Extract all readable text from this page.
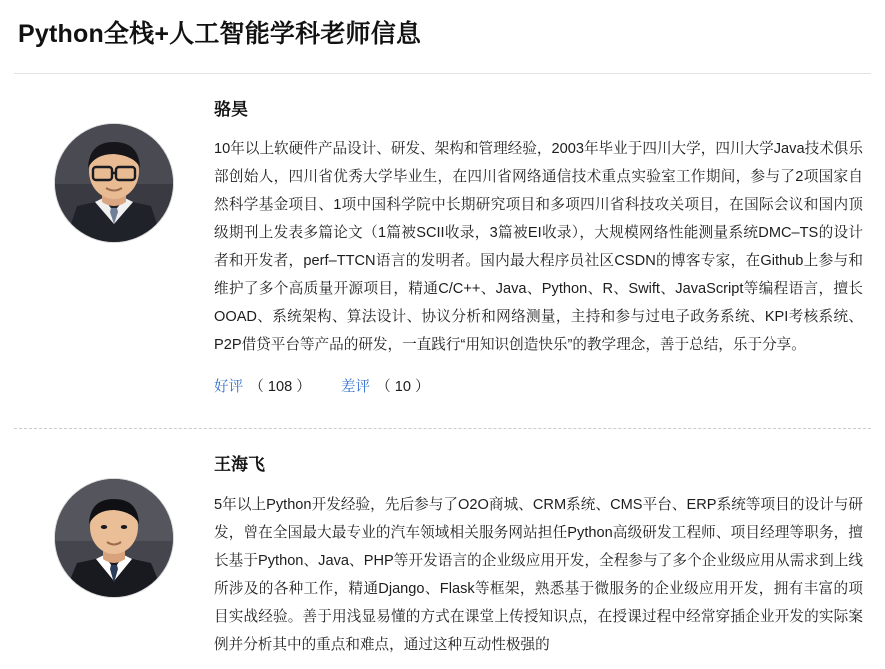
Python全栈+人工智能学科老师信息
骆昊

10年以上软硬件产品设计、研发、架构和管理经验，2003年毕业于四川大学，四川大学Java技术俱乐部创始人，四川省优秀大学毕业生，在四川省网络通信技术重点实验室工作期间，参与了2项国家自然科学基金项目、1项中国科学院中长期研究项目和多项四川省科技攻关项目，在国际会议和国内顶级期刊上发表多篇论文（1篇被SCII收录，3篇被EI收录），大规模网络性能测量系统DMC–TS的设计者和开发者，perf–TTCN语言的发明者。国内最大程序员社区CSDN的博客专家，在Github上参与和维护了多个高质量开源项目，精通C/C++、Java、Python、R、Swift、JavaScript等编程语言，擅长OOAD、系统架构、算法设计、协议分析和网络测量，主持和参与过电子政务系统、KPI考核系统、P2P借贷平台等产品的研发，一直践行“用知识创造快乐”的教学理念，善于总结，乐于分享。

好评 （ 108 ） 差评 （ 10 ）
王海飞

5年以上Python开发经验，先后参与了O2O商城、CRM系统、CMS平台、ERP系统等项目的设计与研发，曾在全国最大最专业的汽车领域相关服务网站担任Python高级研发工程师、项目经理等职务，擅长基于Python、Java、PHP等开发语言的企业级应用开发，全程参与了多个企业级应用从需求到上线所涉及的各种工作，精通Django、Flask等框架，熟悉基于微服务的企业级应用开发，拥有丰富的项目实战经验。善于用浅显易懂的方式在课堂上传授知识点，在授课过程中经常穿插企业开发的实际案例并分析其中的重点和难点，通过这种互动性极强的
